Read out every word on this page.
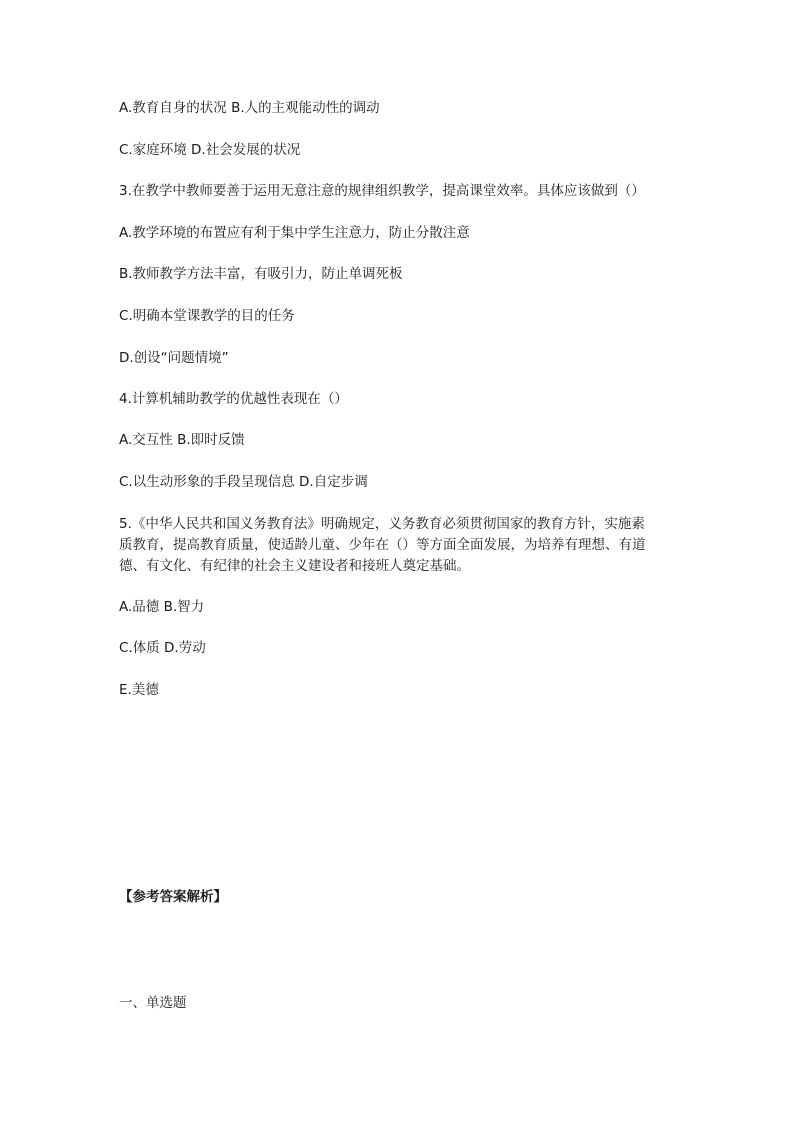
A.教育自身的状况 B.人的主观能动性的调动
C.家庭环境 D.社会发展的状况
3.在教学中教师要善于运用无意注意的规律组织教学，提高课堂效率。具体应该做到（）
A.教学环境的布置应有利于集中学生注意力，防止分散注意
B.教师教学方法丰富，有吸引力，防止单调死板
C.明确本堂课教学的目的任务
D.创设“问题情境”
4.计算机辅助教学的优越性表现在（）
A.交互性 B.即时反馈
C.以生动形象的手段呈现信息 D.自定步调
5.《中华人民共和国义务教育法》明确规定，义务教育必须贯彻国家的教育方针，实施素
质教育，提高教育质量，使适龄儿童、少年在（）等方面全面发展，为培养有理想、有道
德、有文化、有纪律的社会主义建设者和接班人奠定基础。
A.品德 B.智力
C.体质 D.劳动
E.美德
【参考答案解析】
一、单选题
